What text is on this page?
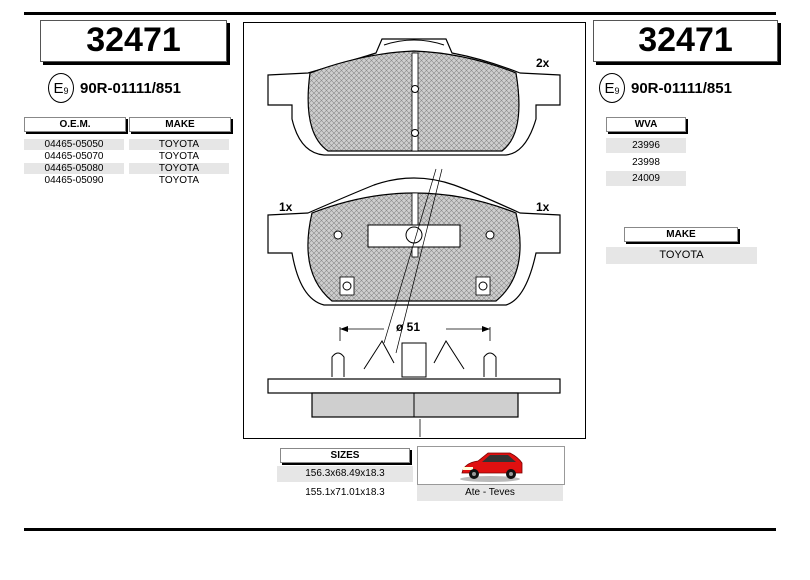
32471	32471
$E_9$ 90R-01111/851	$E_9$ 90R-01111/851
O.E.M.	MAKE
04465-05050	TOYOTA
04465-05070	TOYOTA
04465-05080	TOYOTA
04465-05090	TOYOTA
WVA
23996
23998
24009
MAKE
TOYOTA
2x
1x	1x
ø 51
SIZES
156.3x68.49x18.3
155.1x71.01x18.3	Ate - Teves
